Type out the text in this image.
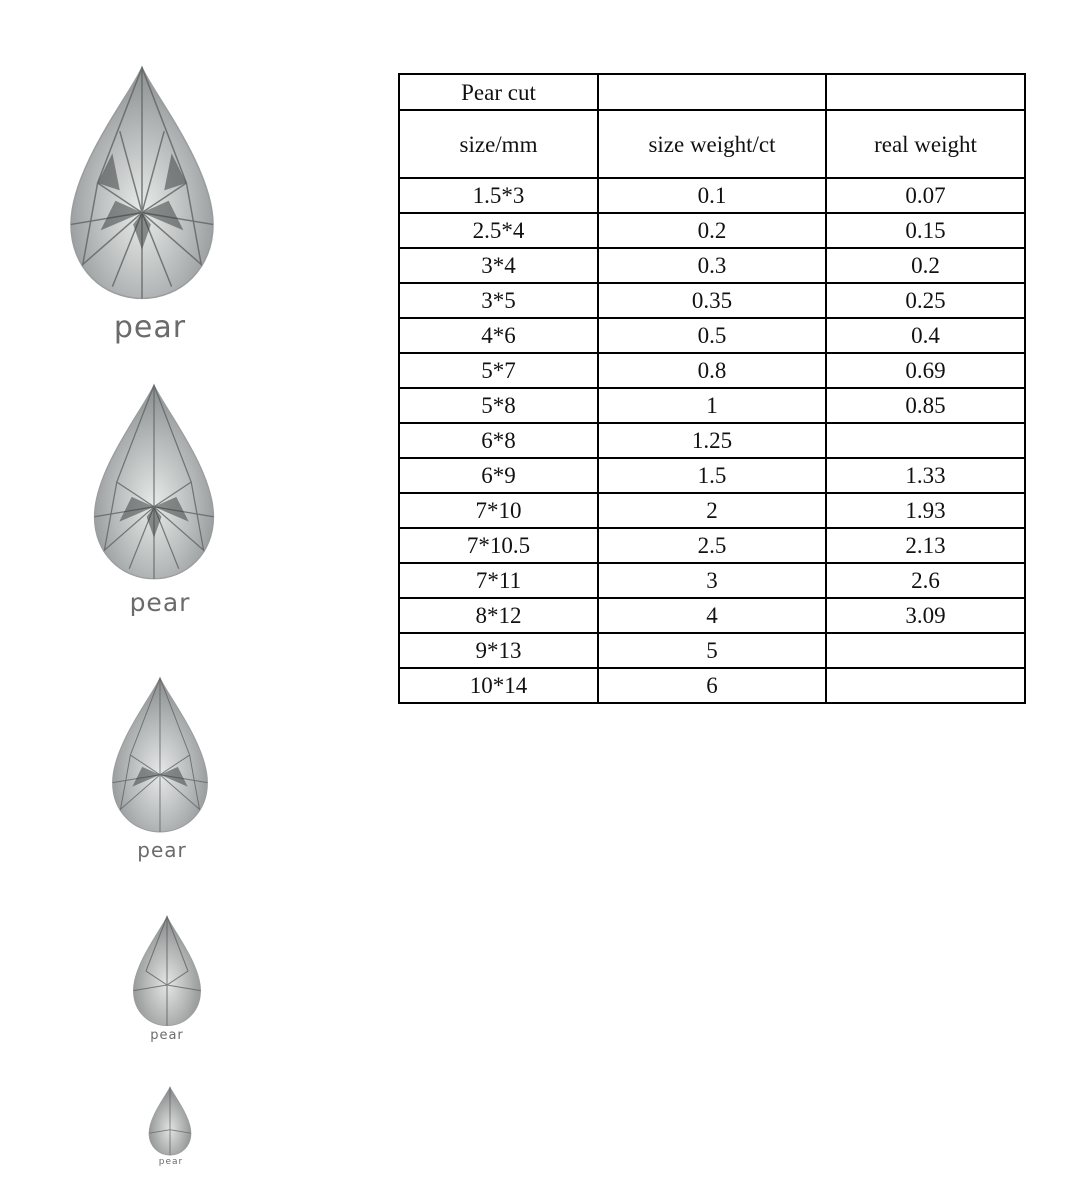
pear
pear
pear
pear
pear
Pear cut		
size/mm	size weight/ct	real weight
1.5*3	0.1	0.07
2.5*4	0.2	0.15
3*4	0.3	0.2
3*5	0.35	0.25
4*6	0.5	0.4
5*7	0.8	0.69
5*8	1	0.85
6*8	1.25	
6*9	1.5	1.33
7*10	2	1.93
7*10.5	2.5	2.13
7*11	3	2.6
8*12	4	3.09
9*13	5	
10*14	6	
